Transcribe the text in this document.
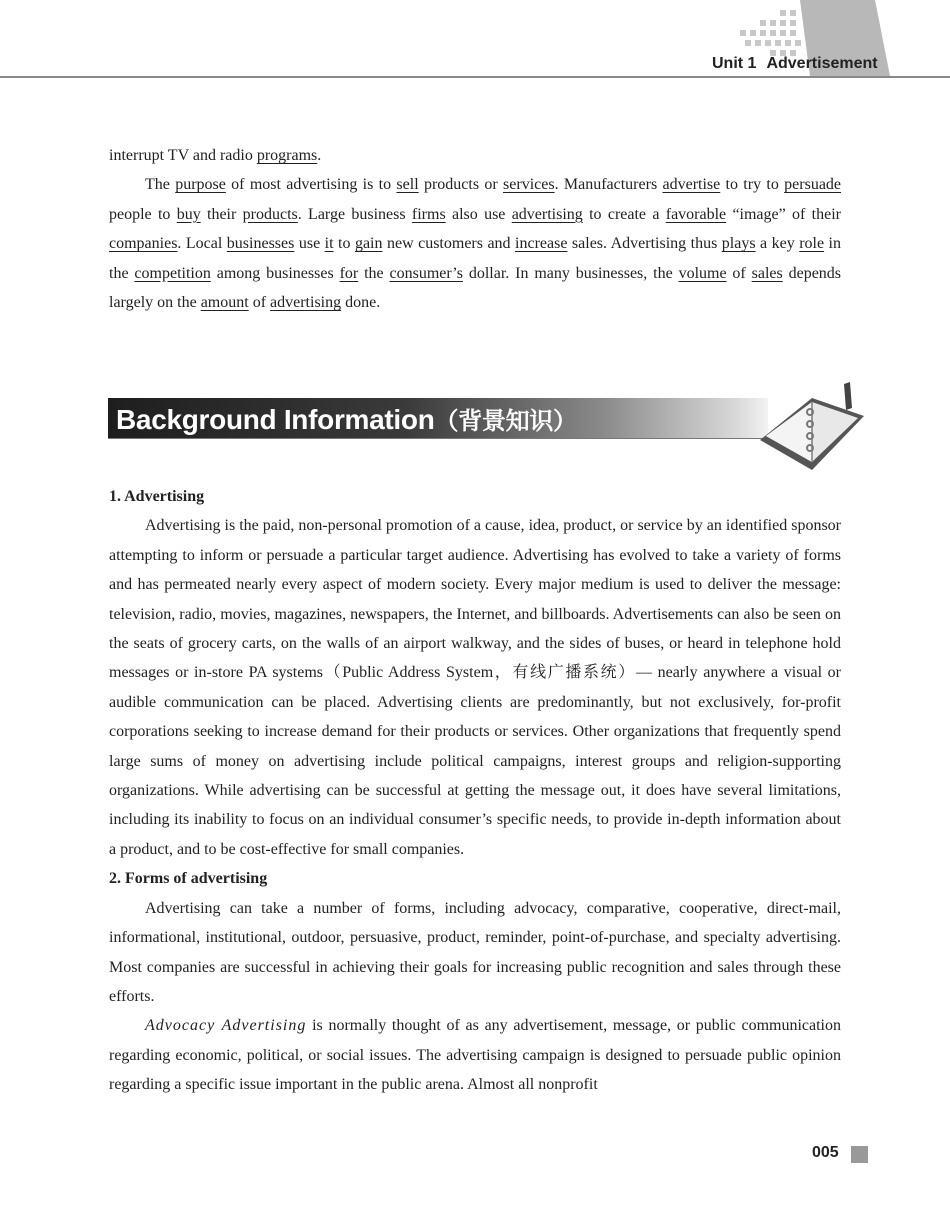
Unit 1 Advertisement

interrupt TV and radio programs.

The purpose of most advertising is to sell products or services. Manufacturers advertise to try to persuade people to buy their products. Large business firms also use advertising to create a favorable “image” of their companies. Local businesses use it to gain new customers and increase sales. Advertising thus plays a key role in the competition among businesses for the consumer’s dollar. In many businesses, the volume of sales depends largely on the amount of advertising done.

Background Information（背景知识）
1. Advertising

Advertising is the paid, non-personal promotion of a cause, idea, product, or service by an identified sponsor attempting to inform or persuade a particular target audience. Advertising has evolved to take a variety of forms and has permeated nearly every aspect of modern society. Every major medium is used to deliver the message: television, radio, movies, magazines, newspapers, the Internet, and billboards. Advertisements can also be seen on the seats of grocery carts, on the walls of an airport walkway, and the sides of buses, or heard in telephone hold messages or in-store PA systems（Public Address System，有线广播系统）— nearly anywhere a visual or audible communication can be placed. Advertising clients are predominantly, but not exclusively, for-profit corporations seeking to increase demand for their products or services. Other organizations that frequently spend large sums of money on advertising include political campaigns, interest groups and religion-supporting organizations. While advertising can be successful at getting the message out, it does have several limitations, including its inability to focus on an individual consumer’s specific needs, to provide in-depth information about a product, and to be cost-effective for small companies.

2. Forms of advertising

Advertising can take a number of forms, including advocacy, comparative, cooperative, direct-mail, informational, institutional, outdoor, persuasive, product, reminder, point-of-purchase, and specialty advertising. Most companies are successful in achieving their goals for increasing public recognition and sales through these efforts.

Advocacy Advertising is normally thought of as any advertisement, message, or public communication regarding economic, political, or social issues. The advertising campaign is designed to persuade public opinion regarding a specific issue important in the public arena. Almost all nonprofit

005
